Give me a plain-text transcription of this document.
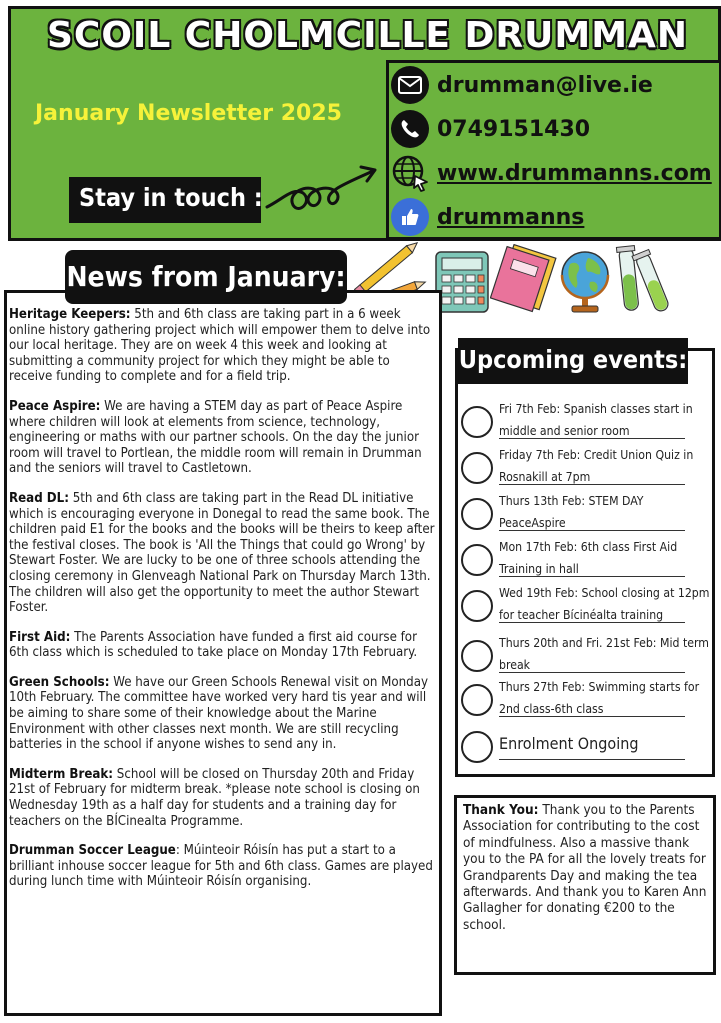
SCOIL CHOLMCILLE DRUMMAN
January Newsletter 2025
Stay in touch :
drumman@live.ie
0749151430
www.drummanns.com
drummanns

Heritage Keepers: 5th and 6th class are taking part in a 6 week online history gathering project which will empower them to delve into our local heritage. They are on week 4 this week and looking at submitting a community project for which they might be able to receive funding to complete and for a field trip.

Peace Aspire: We are having a STEM day as part of Peace Aspire where children will look at elements from science, technology, engineering or maths with our partner schools. On the day the junior room will travel to Portlean, the middle room will remain in Drumman and the seniors will travel to Castletown.

Read DL: 5th and 6th class are taking part in the Read DL initiative which is encouraging everyone in Donegal to read the same book. The children paid E1 for the books and the books will be theirs to keep after the festival closes. The book is 'All the Things that could go Wrong' by Stewart Foster. We are lucky to be one of three schools attending the closing ceremony in Glenveagh National Park on Thursday March 13th. The children will also get the opportunity to meet the author Stewart Foster.

First Aid: The Parents Association have funded a first aid course for 6th class which is scheduled to take place on Monday 17th February.

Green Schools: We have our Green Schools Renewal visit on Monday 10th February. The committee have worked very hard tis year and will be aiming to share some of their knowledge about the Marine Environment with other classes next month. We are still recycling batteries in the school if anyone wishes to send any in.

Midterm Break: School will be closed on Thursday 20th and Friday 21st of February for midterm break. *please note school is closing on Wednesday 19th as a half day for students and a training day for teachers on the BÍCinealta Programme.

Drumman Soccer League: Múinteoir Róisín has put a start to a brilliant inhouse soccer league for 5th and 6th class. Games are played during lunch time with Múinteoir Róisín organising.

News from January:
Upcoming events:
Fri 7th Feb: Spanish classes start in middle and senior room
Friday 7th Feb: Credit Union Quiz in Rosnakill at 7pm
Thurs 13th Feb: STEM DAY PeaceAspire
Mon 17th Feb: 6th class First Aid Training in hall
Wed 19th Feb: School closing at 12pm for teacher Bícinéalta training
Thurs 20th and Fri. 21st Feb: Mid term break
Thurs 27th Feb: Swimming starts for 2nd class-6th class
Enrolment Ongoing

Thank You: Thank you to the Parents Association for contributing to the cost of mindfulness. Also a massive thank you to the PA for all the lovely treats for Grandparents Day and making the tea afterwards. And thank you to Karen Ann Gallagher for donating €200 to the school.
